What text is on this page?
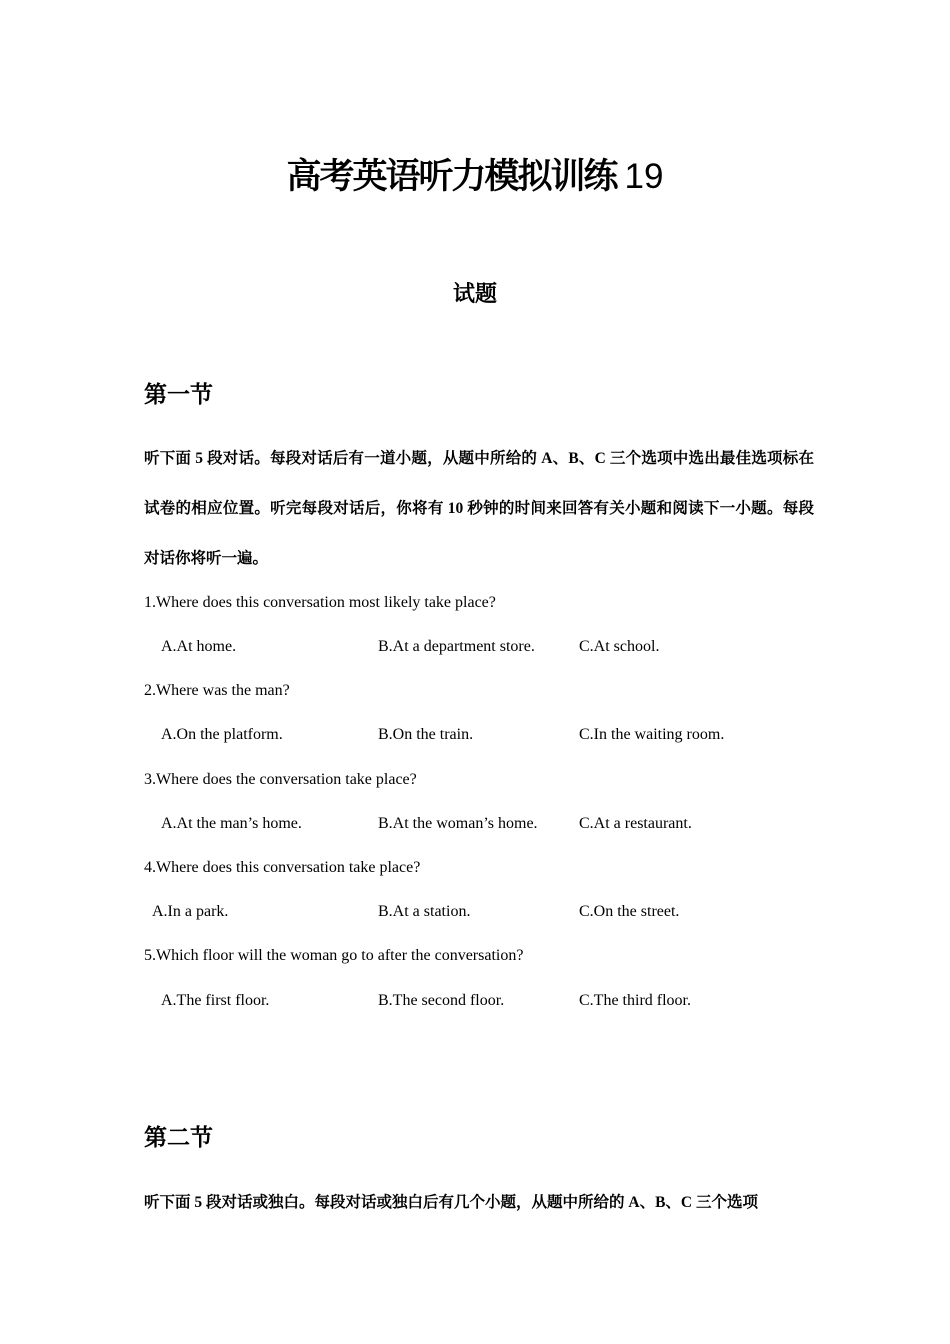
高考英语听力模拟训练 19
试题
第一节
听下面 5 段对话。每段对话后有一道小题，从题中所给的 A、B、C 三个选项中选出最佳选项标在试卷的相应位置。听完每段对话后，你将有 10 秒钟的时间来回答有关小题和阅读下一小题。每段对话你将听一遍。
1.Where does this conversation most likely take place?
A.At home.	B.At a department store.	C.At school.
2.Where was the man?
A.On the platform.	B.On the train.	C.In the waiting room.
3.Where does the conversation take place?
A.At the man’s home.	B.At the woman’s home.	C.At a restaurant.
4.Where does this conversation take place?
A.In a park.	B.At a station.	C.On the street.
5.Which floor will the woman go to after the conversation?
A.The first floor.	B.The second floor.	C.The third floor.
第二节
听下面 5 段对话或独白。每段对话或独白后有几个小题，从题中所给的 A、B、C 三个选项
